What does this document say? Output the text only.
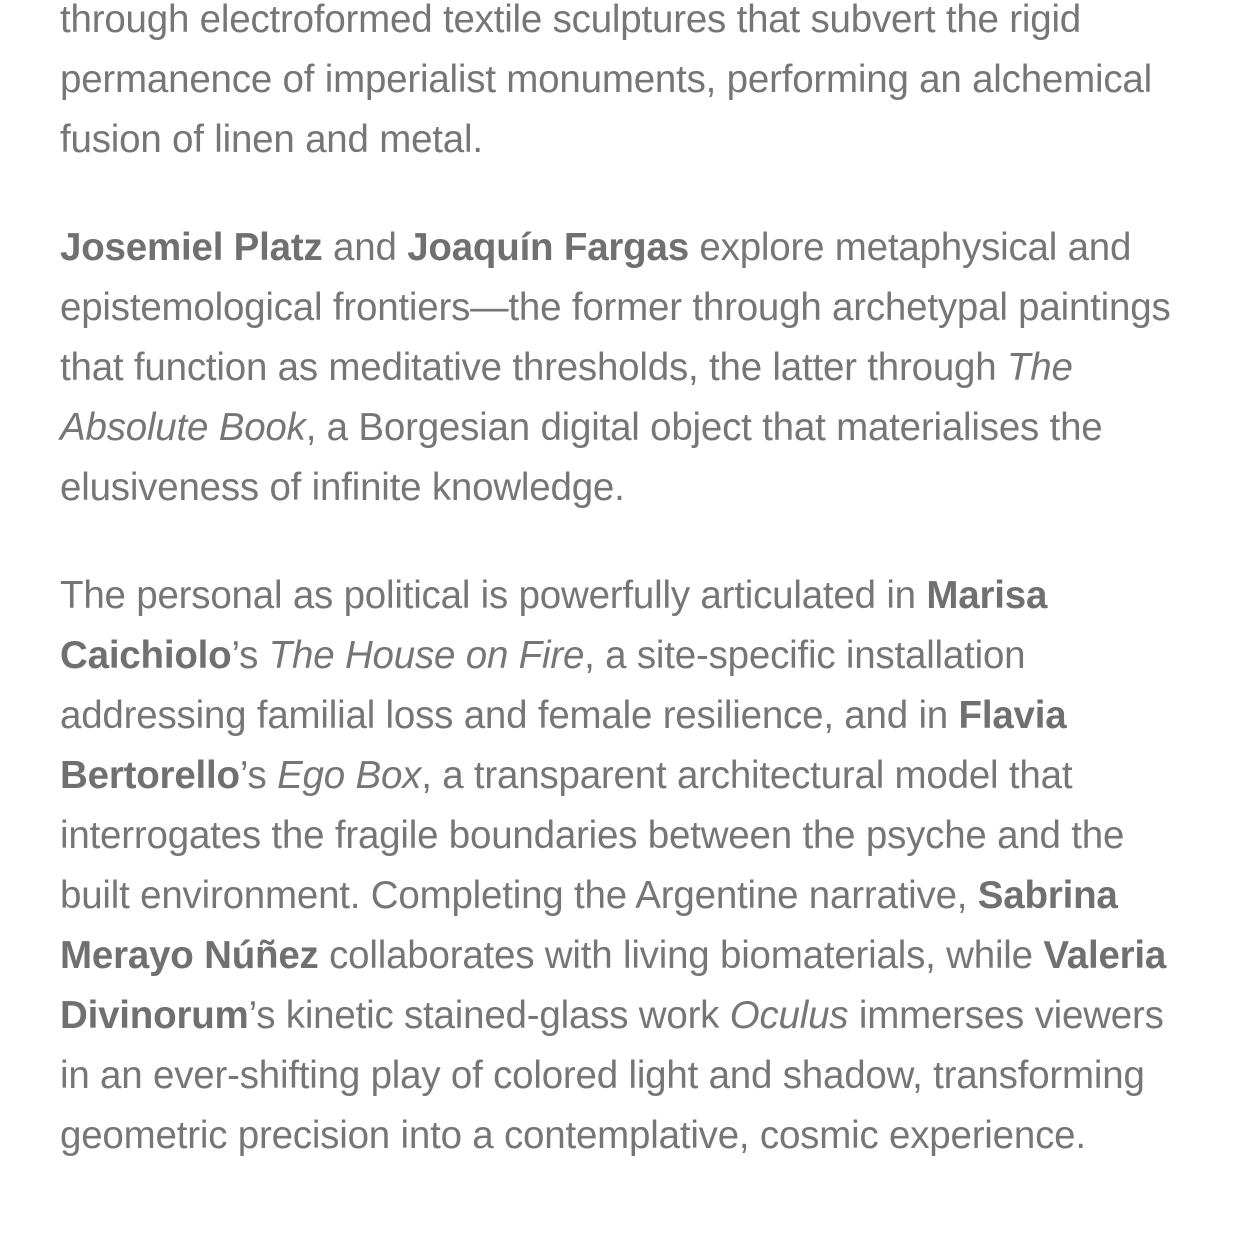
through electroformed textile sculptures that subvert the rigid permanence of imperialist monuments, performing an alchemical fusion of linen and metal.

Josemiel Platz and Joaquín Fargas explore metaphysical and epistemological frontiers—the former through archetypal paintings that function as meditative thresholds, the latter through The Absolute Book, a Borgesian digital object that materialises the elusiveness of infinite knowledge.

The personal as political is powerfully articulated in Marisa Caichiolo’s The House on Fire, a site-specific installation addressing familial loss and female resilience, and in Flavia Bertorello’s Ego Box, a transparent architectural model that interrogates the fragile boundaries between the psyche and the built environment. Completing the Argentine narrative, Sabrina Merayo Núñez collaborates with living biomaterials, while Valeria Divinorum’s kinetic stained-glass work Oculus immerses viewers in an ever-shifting play of colored light and shadow, transforming geometric precision into a contemplative, cosmic experience.
